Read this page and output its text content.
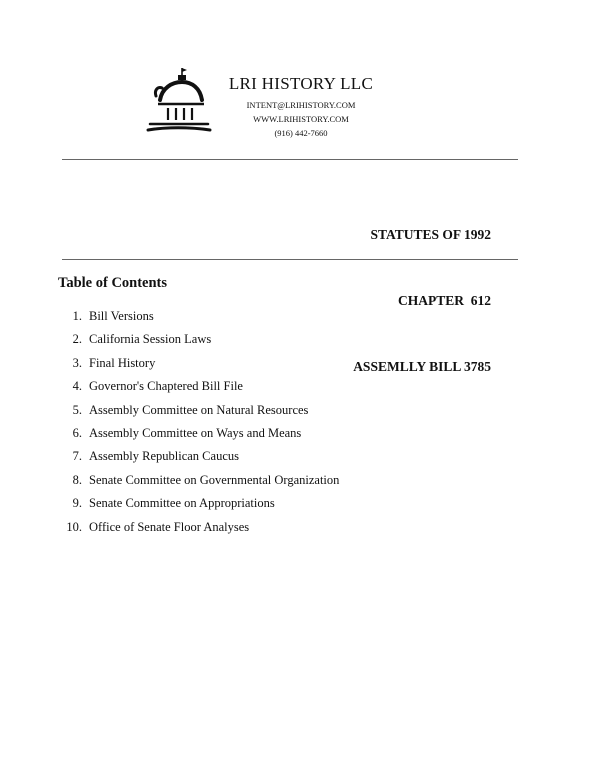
LRI HISTORY LLC
INTENT@LRIHISTORY.COM
WWW.LRIHISTORY.COM
(916) 442-7660

STATUTES OF 1992

CHAPTER  612

ASSEMLLY BILL 3785

Table of Contents
1. Bill Versions
2. California Session Laws
3. Final History
4. Governor's Chaptered Bill File
5. Assembly Committee on Natural Resources
6. Assembly Committee on Ways and Means
7. Assembly Republican Caucus
8. Senate Committee on Governmental Organization
9. Senate Committee on Appropriations
10. Office of Senate Floor Analyses
